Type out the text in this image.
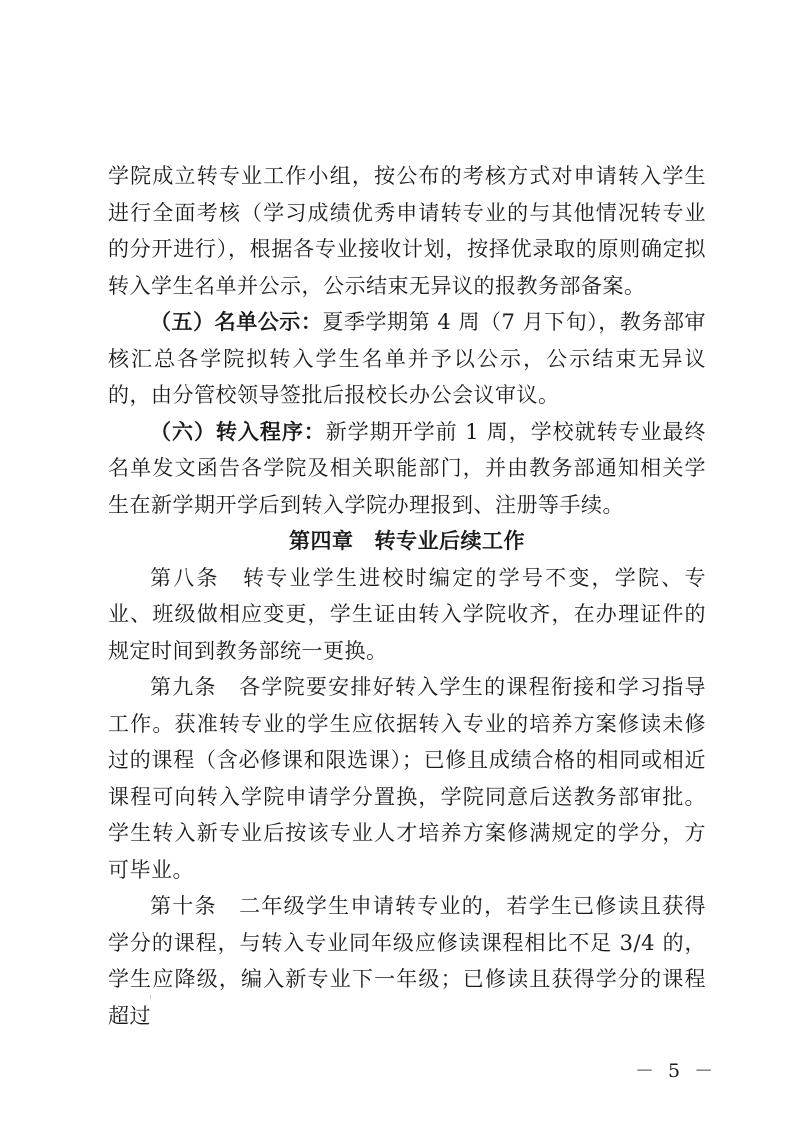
学院成立转专业工作小组，按公布的考核方式对申请转入学生进行全面考核（学习成绩优秀申请转专业的与其他情况转专业的分开进行），根据各专业接收计划，按择优录取的原则确定拟转入学生名单并公示，公示结束无异议的报教务部备案。

（五）名单公示：夏季学期第 4 周（7 月下旬），教务部审核汇总各学院拟转入学生名单并予以公示，公示结束无异议的，由分管校领导签批后报校长办公会议审议。

（六）转入程序：新学期开学前 1 周，学校就转专业最终名单发文函告各学院及相关职能部门，并由教务部通知相关学生在新学期开学后到转入学院办理报到、注册等手续。

第四章 转专业后续工作

第八条　 转专业学生进校时编定的学号不变，学院、专业、班级做相应变更，学生证由转入学院收齐，在办理证件的规定时间到教务部统一更换。

第九条　 各学院要安排好转入学生的课程衔接和学习指导工作。获准转专业的学生应依据转入专业的培养方案修读未修过的课程（含必修课和限选课）；已修且成绩合格的相同或相近课程可向转入学院申请学分置换，学院同意后送教务部审批。学生转入新专业后按该专业人才培养方案修满规定的学分，方可毕业。

第十条　 二年级学生申请转专业的，若学生已修读且获得学分的课程，与转入专业同年级应修读课程相比不足 3/4 的，学生应降级，编入新专业下一年级；已修读且获得学分的课程超过

－ 5 －
